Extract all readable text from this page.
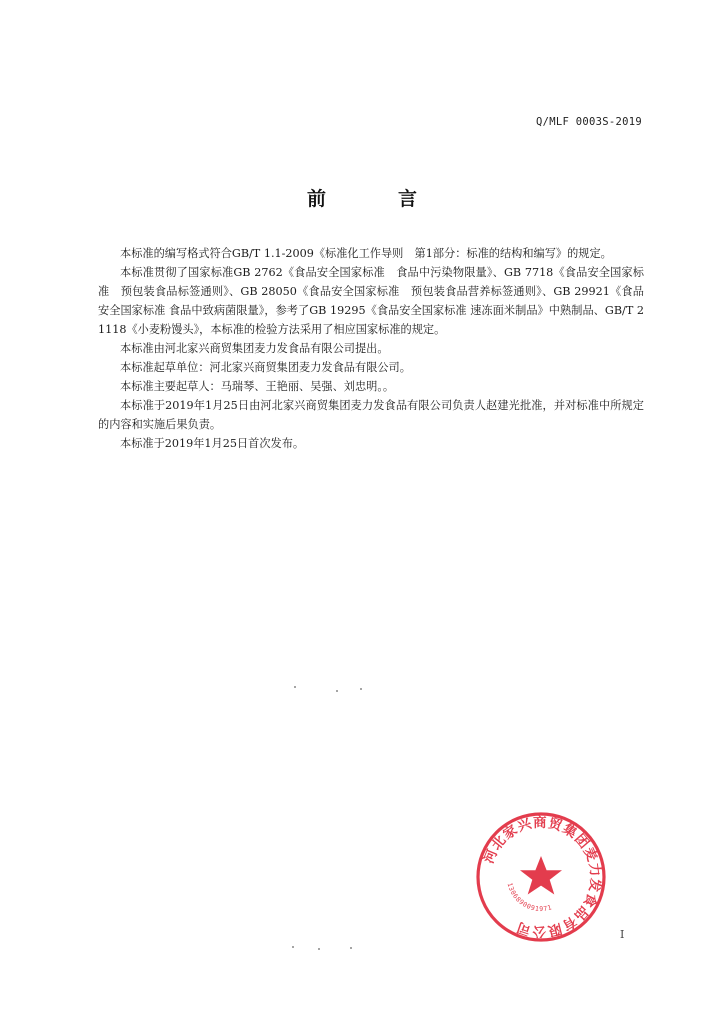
Q/MLF 0003S-2019
前	言

本标准的编写格式符合GB/T 1.1-2009《标准化工作导则　第1部分：标准的结构和编写》的规定。

本标准贯彻了国家标准GB 2762《食品安全国家标准　食品中污染物限量》、GB 7718《食品安全国家标准　预包装食品标签通则》、GB 28050《食品安全国家标准　预包装食品营养标签通则》、GB 29921《食品安全国家标准 食品中致病菌限量》，参考了GB 19295《食品安全国家标准 速冻面米制品》中熟制品、GB/T 21118《小麦粉馒头》，本标准的检验方法采用了相应国家标准的规定。

本标准由河北家兴商贸集团麦力发食品有限公司提出。

本标准起草单位：河北家兴商贸集团麦力发食品有限公司。

本标准主要起草人：马瑞琴、王艳丽、吴强、刘忠明。。

本标准于2019年1月25日由河北家兴商贸集团麦力发食品有限公司负责人赵建光批准，并对标准中所规定的内容和实施后果负责。

本标准于2019年1月25日首次发布。

河北家兴商贸集团麦力发食品有限公司
1306890091971
I
